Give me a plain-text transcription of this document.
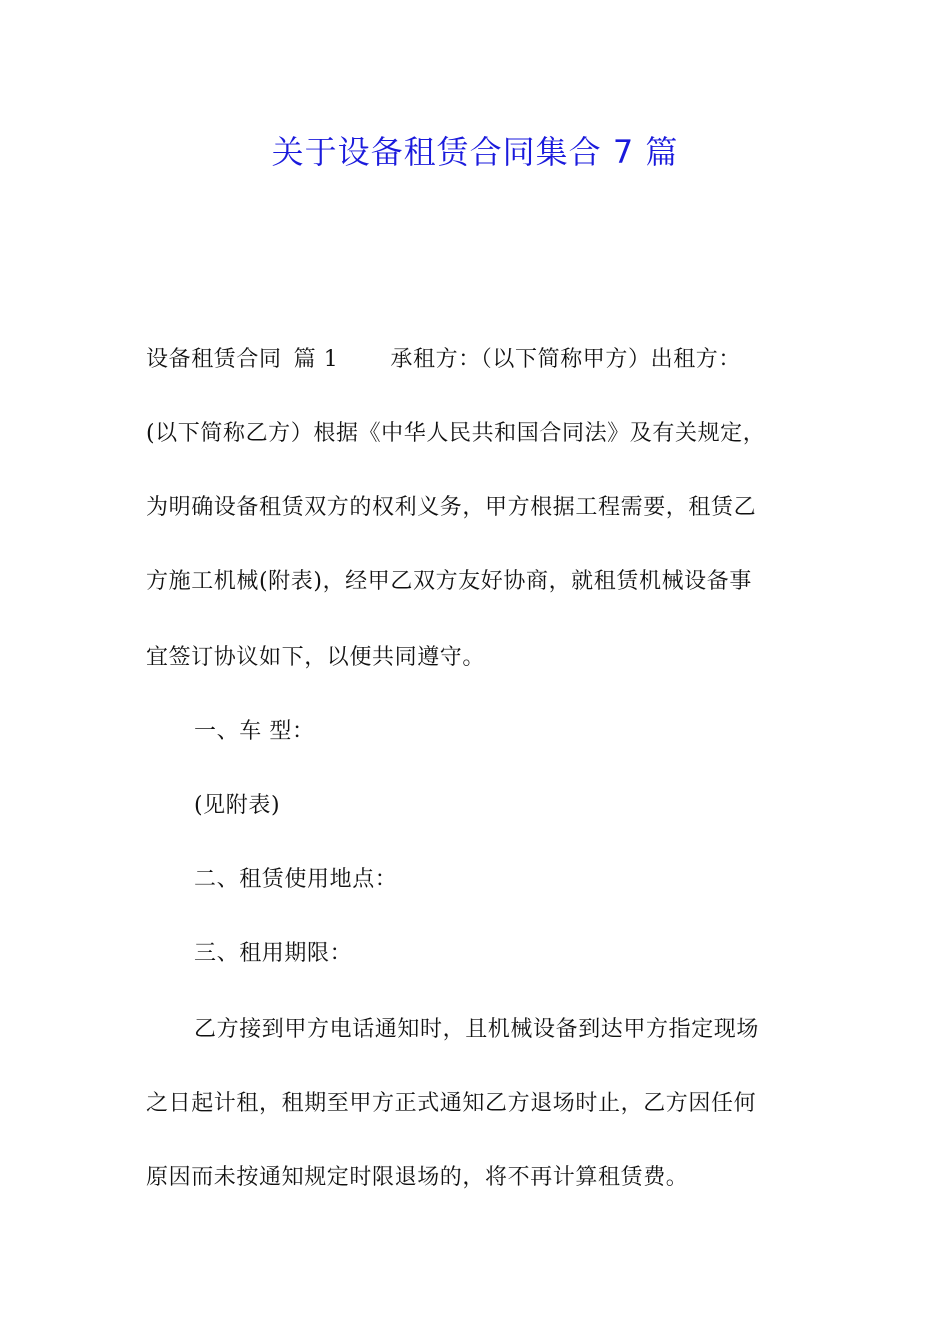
关于设备租赁合同集合 7 篇

设备租赁合同 篇 1 承租方：（以下简称甲方）出租方：

(以下简称乙方）根据《中华人民共和国合同法》及有关规定，

为明确设备租赁双方的权利义务，甲方根据工程需要，租赁乙

方施工机械(附表)，经甲乙双方友好协商，就租赁机械设备事

宜签订协议如下，以便共同遵守。

一、车 型：

(见附表)

二、租赁使用地点：

三、租用期限：

乙方接到甲方电话通知时，且机械设备到达甲方指定现场

之日起计租，租期至甲方正式通知乙方退场时止，乙方因任何

原因而未按通知规定时限退场的，将不再计算租赁费。
